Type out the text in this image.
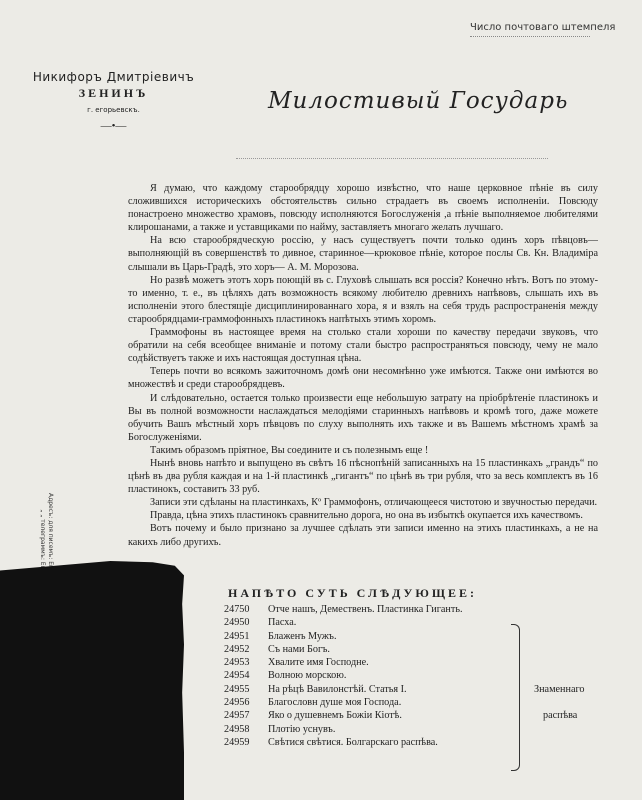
Число почтоваго штемпеля
Никифоръ Дмитріевичъ
ЗЕНИНЪ
г. егорьевскъ.
—•—
Милостивый Государь

Я думаю, что каждому старообрядцу хорошо извѣстно, что наше церковное пѣніе въ силу сложившихся историческихъ обстоятельствъ сильно страдаетъ въ своемъ исполненіи. Повсюду понастроено множество храмовъ, повсюду исполняются Богослуженія ,а пѣніе выполняемое любителями клирошанами, а также и уставщиками по найму, заставляетъ многаго желать лучшаго.

На всю старообрядческую россію, у насъ существуетъ почти только одинъ хоръ пѣвцовъ—выполняющій въ совершенствѣ то дивное, старинное—крюковое пѣніе, которое послы Св. Кн. Владиміра слышали въ Царь-Градѣ, это хоръ— А. М. Морозова.

Но развѣ можетъ этотъ хоръ поющій въ с. Глуховѣ слышать вся россія? Конечно нѣтъ. Вотъ по этому-то именно, т. е., въ цѣляхъ дать возможность всякому любителю древнихъ напѣвовъ, слышать ихъ въ исполненіи этого блестящіе дисциплинированнаго хора, я и взялъ на себя трудъ распространенія между старообрядцами-граммофонныхъ пластинокъ напѣтыхъ этимъ хоромъ.

Граммофоны въ настоящее время на столько стали хороши по качеству передачи звуковъ, что обратили на себя всеобщее вниманіе и потому стали быстро распространяться повсюду, чему не мало содѣйствуетъ также и ихъ настоящая доступная цѣна.

Теперь почти во всякомъ зажиточномъ домѣ они несомнѣнно уже имѣются. Также они имѣются во множествѣ и среди старообрядцевъ.

И слѣдовательно, остается только произвести еще небольшую затрату на пріобрѣтеніе пластинокъ и Вы въ полной возможности наслаждаться мелодіями старинныхъ напѣвовъ и кромѣ того, даже можете обучить Вашъ мѣстный хоръ пѣвцовъ по слуху выполнять ихъ также и въ Вашемъ мѣстномъ храмѣ за Богослуженіями.

Такимъ образомъ пріятное, Вы соедините и съ полезнымъ еще !

Нынѣ вновь напѣто и выпущено въ свѣтъ 16 пѣснопѣній записанныхъ на 15 пластинкахъ „грандъ“ по цѣнѣ въ два рубля каждая и на 1-й пластинкѣ „гигантъ“ по цѣнѣ въ три рубля, что за весь комплектъ въ 16 пластинокъ, составитъ 33 руб.

Записи эти сдѣланы на пластинкахъ, Кº Граммофонъ, отличающееся чистотою и звучностью передачи.

Правда, цѣна этихъ пластинокъ сравнительно дорога, но она въ избыткѣ окупается ихъ качествомъ.

Вотъ почему и было признано за лучшее сдѣлать эти записи именно на этихъ пластинкахъ, а не на какихъ либо другихъ.

НАПѢТО СУТЬ СЛѢДУЮЩЕЕ:
24750	Отче нашъ, Демественъ. Пластинка Гиганть.
24950	Пасха.
24951	Блаженъ Мужъ.
24952	Съ нами Богъ.
24953	Хвалите имя Господне.
24954	Волною морскою.
24955	На рѣцѣ Вавилонстѣй. Статья I.
24956	Благословн душе моя Господа.
24957	Яко о душевнемъ Божіи Кіотѣ.
24958	Плотію уснувъ.
24959	Свѣтися свѣтися. Болгарскаго распѣва.
Знаменнаго
распѣва
